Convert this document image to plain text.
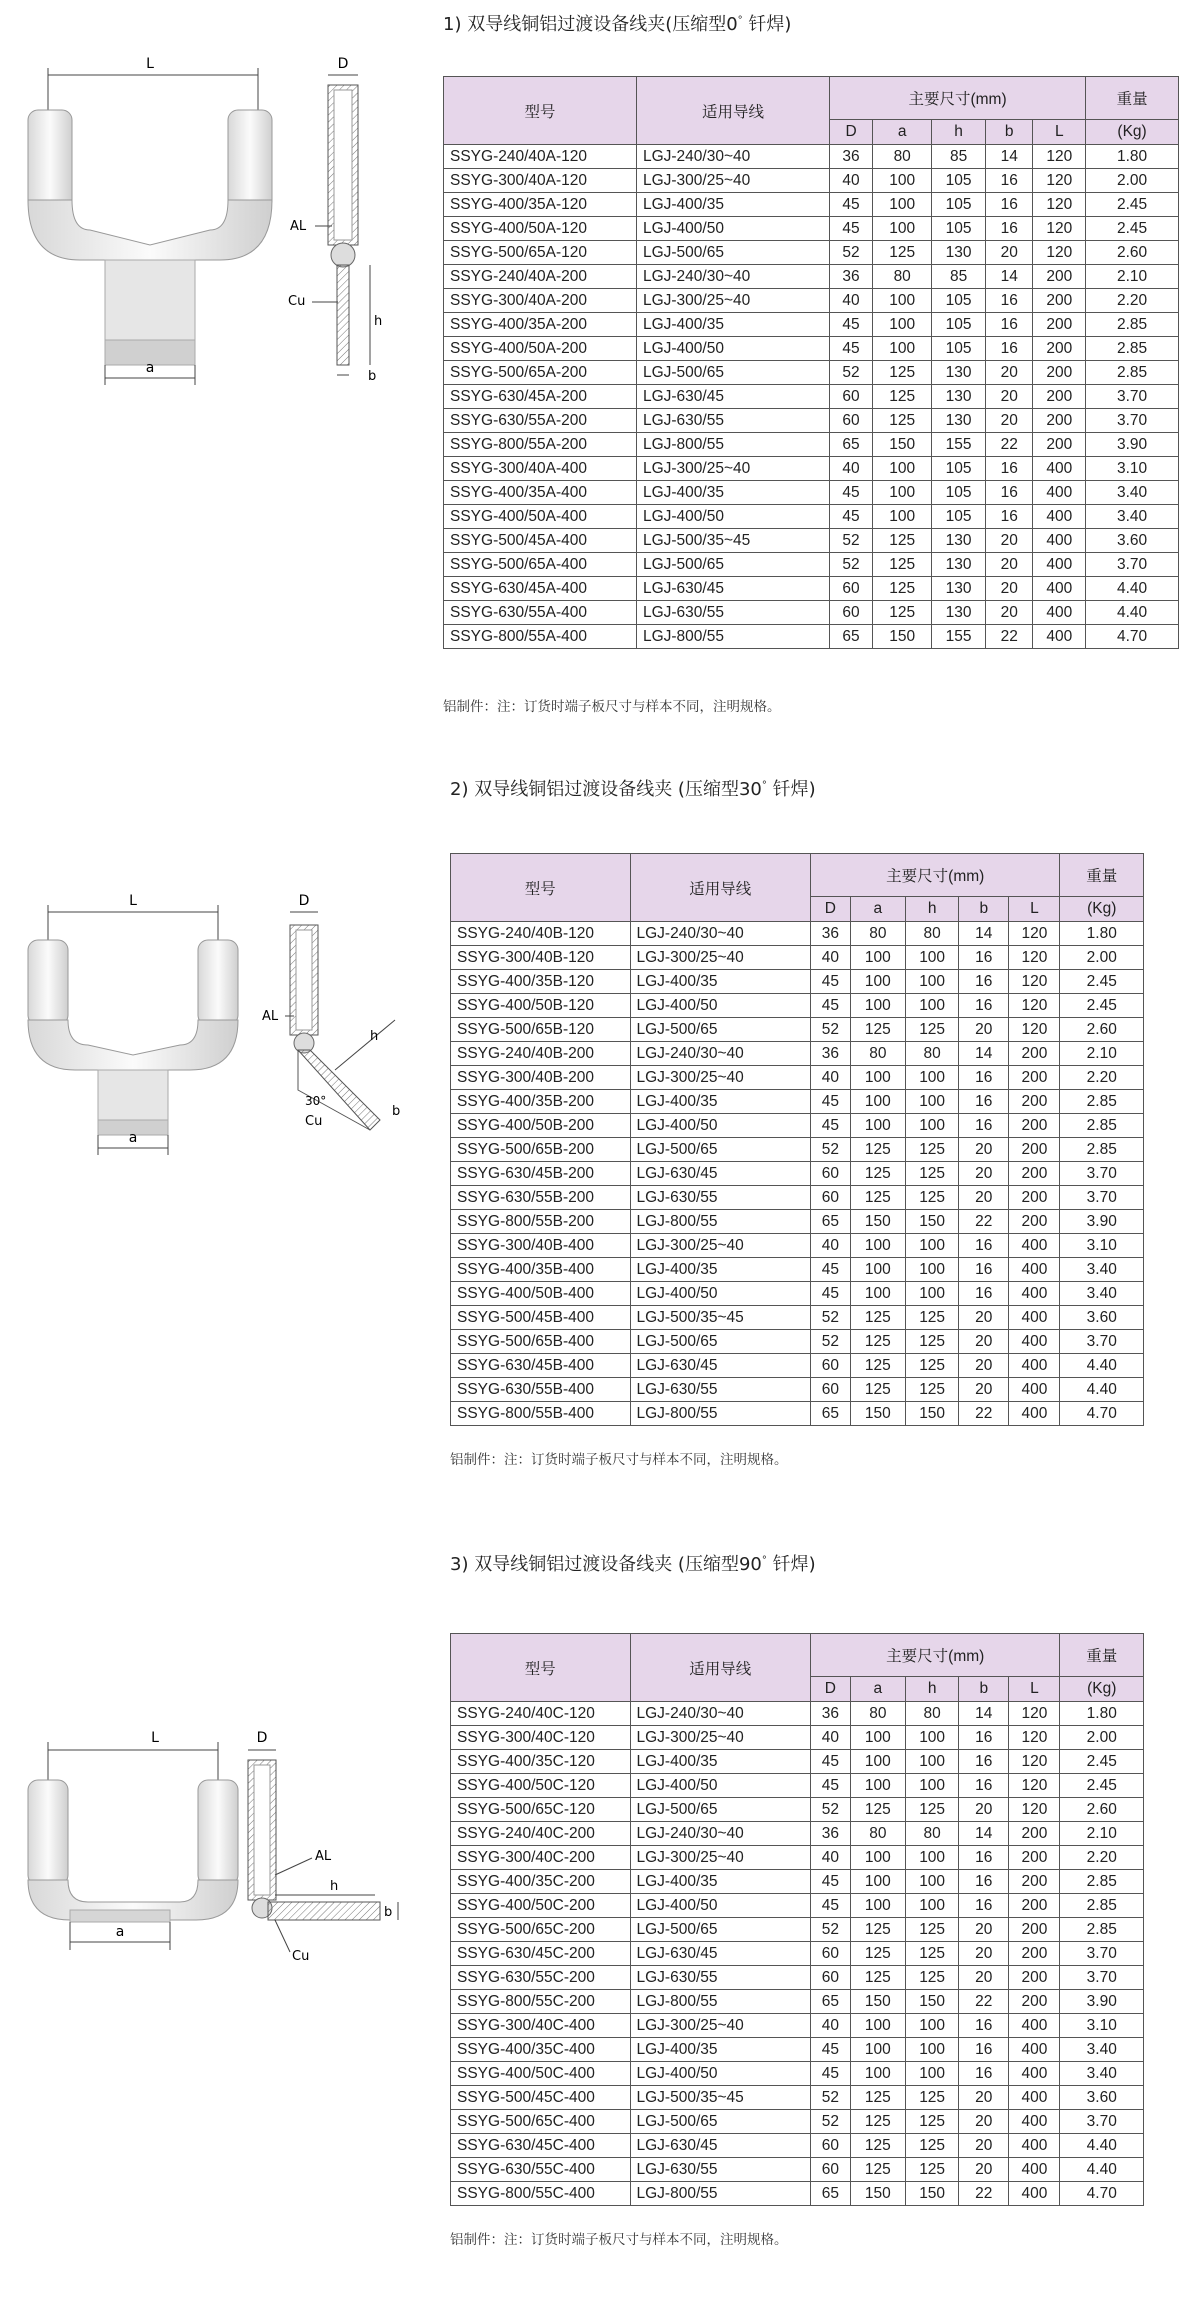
1) 双导线铜铝过渡设备线夹(压缩型0° 钎焊)
L
a
D
AL
Cu
h
b
型号	适用导线	主要尺寸(mm)					重量
		D	a	h	b	L	(Kg)
SSYG-240/40A-120	LGJ-240/30~40	36	80	85	14	120	1.80
SSYG-300/40A-120	LGJ-300/25~40	40	100	105	16	120	2.00
SSYG-400/35A-120	LGJ-400/35	45	100	105	16	120	2.45
SSYG-400/50A-120	LGJ-400/50	45	100	105	16	120	2.45
SSYG-500/65A-120	LGJ-500/65	52	125	130	20	120	2.60
SSYG-240/40A-200	LGJ-240/30~40	36	80	85	14	200	2.10
SSYG-300/40A-200	LGJ-300/25~40	40	100	105	16	200	2.20
SSYG-400/35A-200	LGJ-400/35	45	100	105	16	200	2.85
SSYG-400/50A-200	LGJ-400/50	45	100	105	16	200	2.85
SSYG-500/65A-200	LGJ-500/65	52	125	130	20	200	2.85
SSYG-630/45A-200	LGJ-630/45	60	125	130	20	200	3.70
SSYG-630/55A-200	LGJ-630/55	60	125	130	20	200	3.70
SSYG-800/55A-200	LGJ-800/55	65	150	155	22	200	3.90
SSYG-300/40A-400	LGJ-300/25~40	40	100	105	16	400	3.10
SSYG-400/35A-400	LGJ-400/35	45	100	105	16	400	3.40
SSYG-400/50A-400	LGJ-400/50	45	100	105	16	400	3.40
SSYG-500/45A-400	LGJ-500/35~45	52	125	130	20	400	3.60
SSYG-500/65A-400	LGJ-500/65	52	125	130	20	400	3.70
SSYG-630/45A-400	LGJ-630/45	60	125	130	20	400	4.40
SSYG-630/55A-400	LGJ-630/55	60	125	130	20	400	4.40
SSYG-800/55A-400	LGJ-800/55	65	150	155	22	400	4.70
铝制件：注：订货时端子板尺寸与样本不同，注明规格。
2) 双导线铜铝过渡设备线夹 (压缩型30° 钎焊)
L
a
D
AL
30°
Cu
h
b
型号	适用导线	主要尺寸(mm)					重量
		D	a	h	b	L	(Kg)
SSYG-240/40B-120	LGJ-240/30~40	36	80	80	14	120	1.80
SSYG-300/40B-120	LGJ-300/25~40	40	100	100	16	120	2.00
SSYG-400/35B-120	LGJ-400/35	45	100	100	16	120	2.45
SSYG-400/50B-120	LGJ-400/50	45	100	100	16	120	2.45
SSYG-500/65B-120	LGJ-500/65	52	125	125	20	120	2.60
SSYG-240/40B-200	LGJ-240/30~40	36	80	80	14	200	2.10
SSYG-300/40B-200	LGJ-300/25~40	40	100	100	16	200	2.20
SSYG-400/35B-200	LGJ-400/35	45	100	100	16	200	2.85
SSYG-400/50B-200	LGJ-400/50	45	100	100	16	200	2.85
SSYG-500/65B-200	LGJ-500/65	52	125	125	20	200	2.85
SSYG-630/45B-200	LGJ-630/45	60	125	125	20	200	3.70
SSYG-630/55B-200	LGJ-630/55	60	125	125	20	200	3.70
SSYG-800/55B-200	LGJ-800/55	65	150	150	22	200	3.90
SSYG-300/40B-400	LGJ-300/25~40	40	100	100	16	400	3.10
SSYG-400/35B-400	LGJ-400/35	45	100	100	16	400	3.40
SSYG-400/50B-400	LGJ-400/50	45	100	100	16	400	3.40
SSYG-500/45B-400	LGJ-500/35~45	52	125	125	20	400	3.60
SSYG-500/65B-400	LGJ-500/65	52	125	125	20	400	3.70
SSYG-630/45B-400	LGJ-630/45	60	125	125	20	400	4.40
SSYG-630/55B-400	LGJ-630/55	60	125	125	20	400	4.40
SSYG-800/55B-400	LGJ-800/55	65	150	150	22	400	4.70
铝制件：注：订货时端子板尺寸与样本不同，注明规格。
3) 双导线铜铝过渡设备线夹 (压缩型90° 钎焊)
L
a
D
AL
h
Cu
b
型号	适用导线	主要尺寸(mm)					重量
		D	a	h	b	L	(Kg)
SSYG-240/40C-120	LGJ-240/30~40	36	80	80	14	120	1.80
SSYG-300/40C-120	LGJ-300/25~40	40	100	100	16	120	2.00
SSYG-400/35C-120	LGJ-400/35	45	100	100	16	120	2.45
SSYG-400/50C-120	LGJ-400/50	45	100	100	16	120	2.45
SSYG-500/65C-120	LGJ-500/65	52	125	125	20	120	2.60
SSYG-240/40C-200	LGJ-240/30~40	36	80	80	14	200	2.10
SSYG-300/40C-200	LGJ-300/25~40	40	100	100	16	200	2.20
SSYG-400/35C-200	LGJ-400/35	45	100	100	16	200	2.85
SSYG-400/50C-200	LGJ-400/50	45	100	100	16	200	2.85
SSYG-500/65C-200	LGJ-500/65	52	125	125	20	200	2.85
SSYG-630/45C-200	LGJ-630/45	60	125	125	20	200	3.70
SSYG-630/55C-200	LGJ-630/55	60	125	125	20	200	3.70
SSYG-800/55C-200	LGJ-800/55	65	150	150	22	200	3.90
SSYG-300/40C-400	LGJ-300/25~40	40	100	100	16	400	3.10
SSYG-400/35C-400	LGJ-400/35	45	100	100	16	400	3.40
SSYG-400/50C-400	LGJ-400/50	45	100	100	16	400	3.40
SSYG-500/45C-400	LGJ-500/35~45	52	125	125	20	400	3.60
SSYG-500/65C-400	LGJ-500/65	52	125	125	20	400	3.70
SSYG-630/45C-400	LGJ-630/45	60	125	125	20	400	4.40
SSYG-630/55C-400	LGJ-630/55	60	125	125	20	400	4.40
SSYG-800/55C-400	LGJ-800/55	65	150	150	22	400	4.70
铝制件：注：订货时端子板尺寸与样本不同，注明规格。
